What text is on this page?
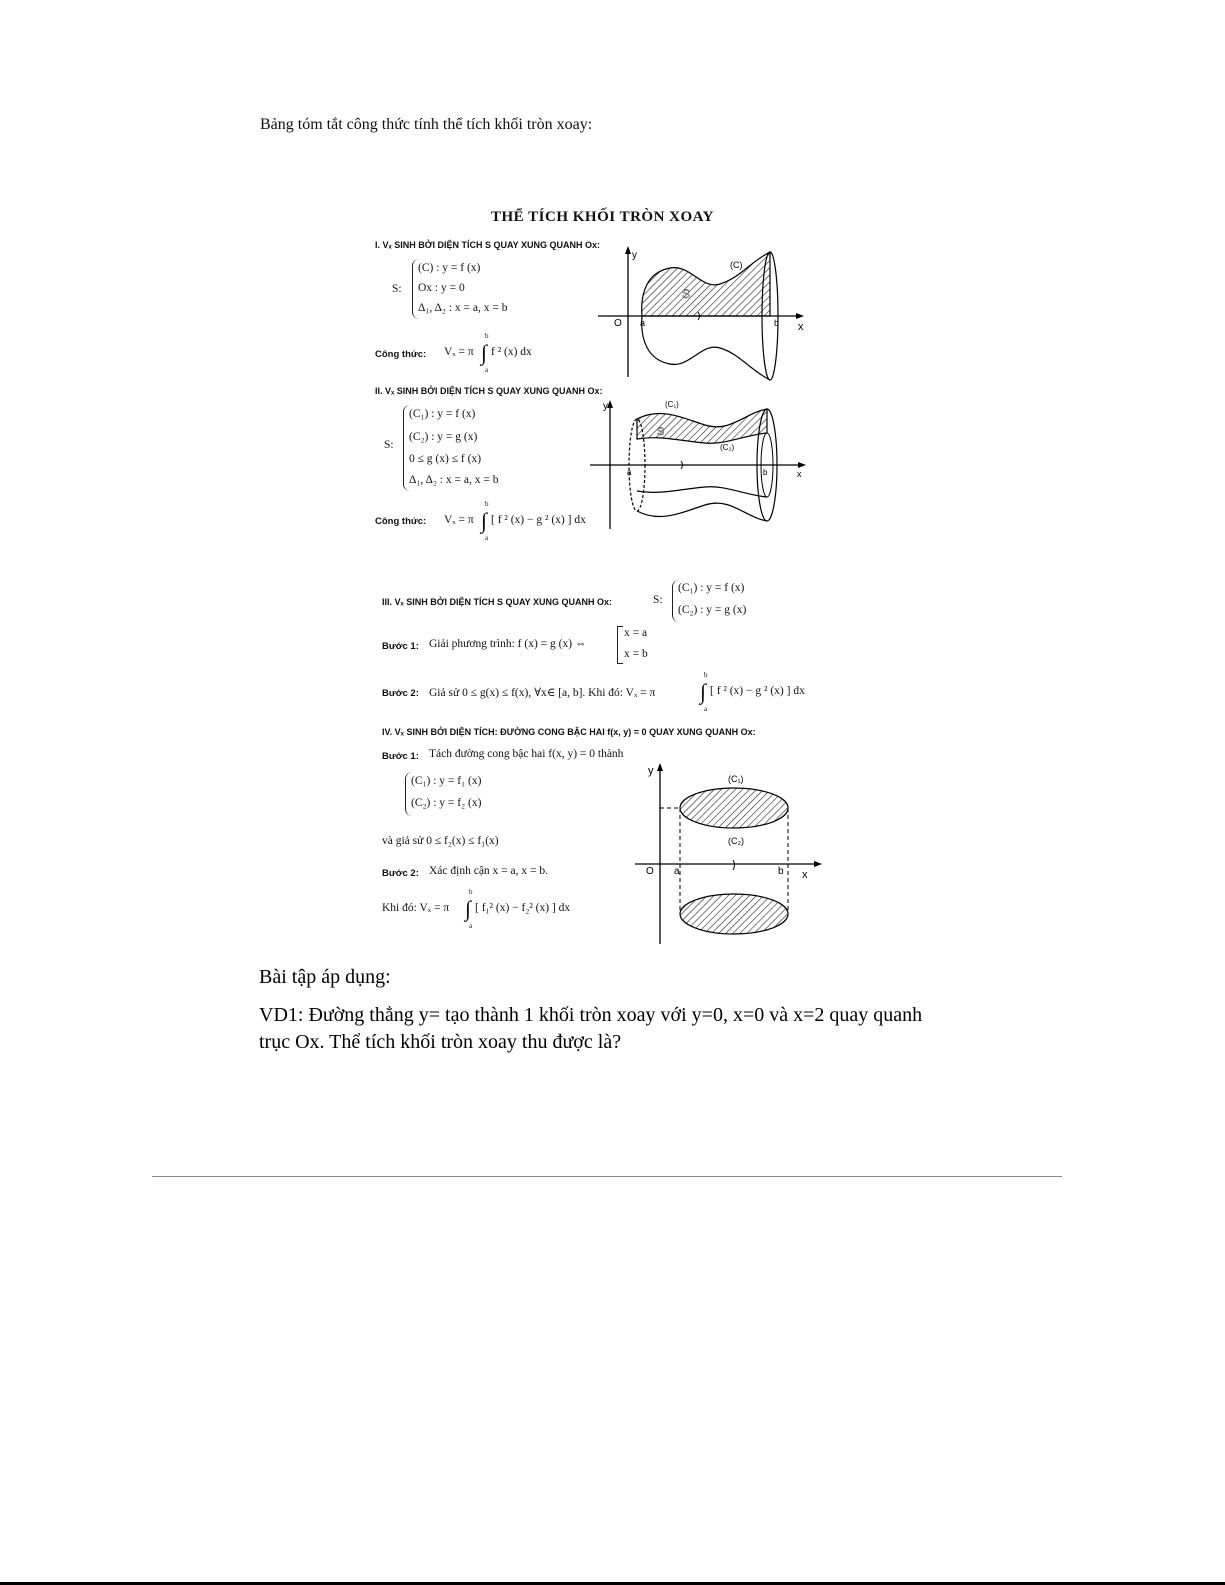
Bảng tóm tắt công thức tính thể tích khối tròn xoay:
THỂ TÍCH KHỐI TRÒN XOAY
I. Vₓ SINH BỞI DIỆN TÍCH S QUAY XUNG QUANH Ox:
S:
(C) : y = f (x)
Ox : y = 0
Δ₁, Δ₂ : x = a, x = b
Công thức: Vₓ = π
b
∫
a
f ² (x) dx
y
x
O a	b
(C)
S
II. Vₓ SINH BỞI DIỆN TÍCH S QUAY XUNG QUANH Ox:
S:
(C₁) : y = f (x)
(C₂) : y = g (x)
0 ≤ g (x) ≤ f (x)
Δ₁, Δ₂ : x = a, x = b
Công thức: Vₓ = π
b
∫
a
[ f ² (x) − g ² (x) ] dx
y
x
a	b
(C₁)
(C₂)
S
III. Vₓ SINH BỞI DIỆN TÍCH S QUAY XUNG QUANH Ox:	S:
(C₁) : y = f (x)
(C₂) : y = g (x)
Bước 1: Giải phương trình: f (x) = g (x) ⇔
x = a
x = b
Bước 2: Giả sử 0 ≤ g(x) ≤ f(x), ∀x∈ [a, b]. Khi đó: Vₓ = π
b
∫
a
[ f ² (x) − g ² (x) ] dx
IV. Vₓ SINH BỞI DIỆN TÍCH: ĐƯỜNG CONG BẬC HAI f(x, y) = 0 QUAY XUNG QUANH Ox:
Bước 1: Tách đường cong bậc hai f(x, y) = 0 thành
(C₁) : y = f₁ (x)
(C₂) : y = f₂ (x)
và giả sử 0 ≤ f₂(x) ≤ f₁(x)
Bước 2: Xác định cận x = a, x = b.
Khi đó: Vₓ = π
b
∫
a
[ f₁² (x) − f₂² (x) ] dx
y
x
O a	b
(C₁)
(C₂)
Bài tập áp dụng:
VD1: Đường thẳng y= tạo thành 1 khối tròn xoay với y=0, x=0 và x=2 quay quanh
trục Ox. Thể tích khối tròn xoay thu được là?
